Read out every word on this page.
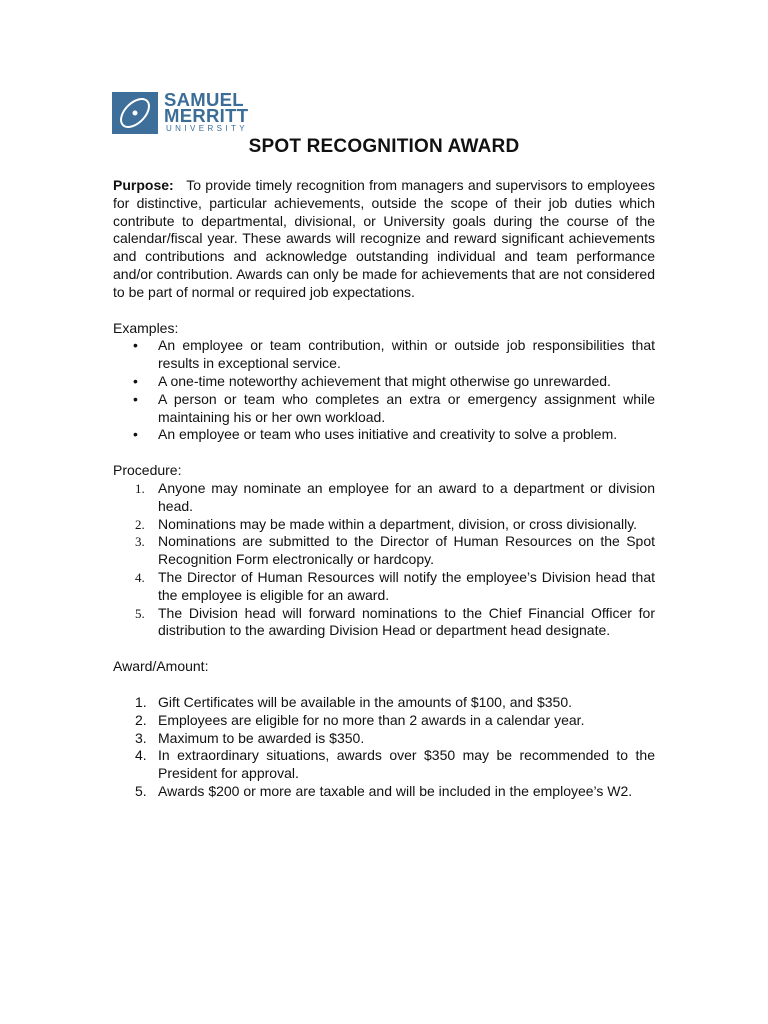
SAMUEL
MERRITT
UNIVERSITY
SPOT RECOGNITION AWARD

Purpose: To provide timely recognition from managers and supervisors to employees for distinctive, particular achievements, outside the scope of their job duties which contribute to departmental, divisional, or University goals during the course of the calendar/fiscal year. These awards will recognize and reward significant achievements and contributions and acknowledge outstanding individual and team performance and/or contribution. Awards can only be made for achievements that are not considered to be part of normal or required job expectations.

Examples:

• An employee or team contribution, within or outside job responsibilities that results in exceptional service.
• A one-time noteworthy achievement that might otherwise go unrewarded.
• A person or team who completes an extra or emergency assignment while maintaining his or her own workload.
• An employee or team who uses initiative and creativity to solve a problem.

Procedure:

1. Anyone may nominate an employee for an award to a department or division head.
2. Nominations may be made within a department, division, or cross divisionally.
3. Nominations are submitted to the Director of Human Resources on the Spot Recognition Form electronically or hardcopy.
4. The Director of Human Resources will notify the employee’s Division head that the employee is eligible for an award.
5. The Division head will forward nominations to the Chief Financial Officer for distribution to the awarding Division Head or department head designate.

Award/Amount:

1. Gift Certificates will be available in the amounts of $100, and $350.
2. Employees are eligible for no more than 2 awards in a calendar year.
3. Maximum to be awarded is $350.
4. In extraordinary situations, awards over $350 may be recommended to the President for approval.
5. Awards $200 or more are taxable and will be included in the employee’s W2.
